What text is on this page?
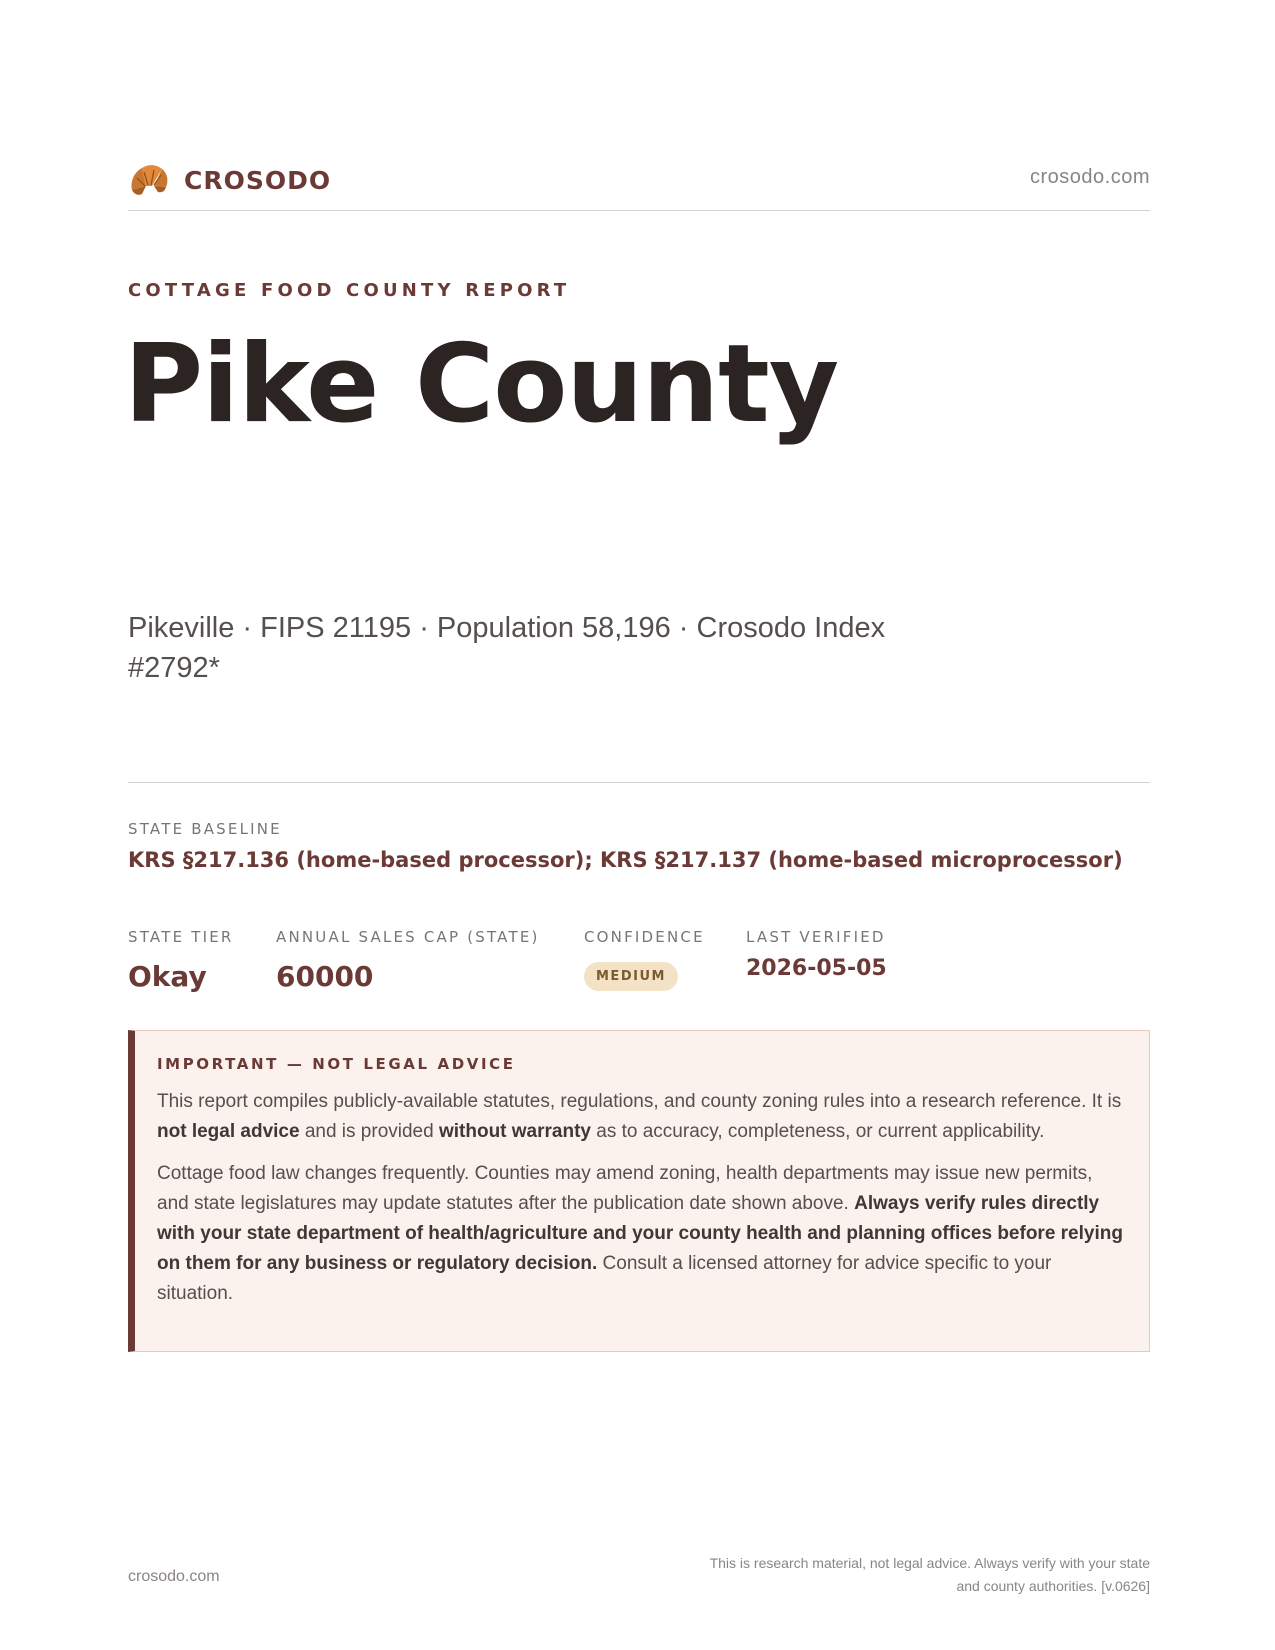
CROSODO	crosodo.com
COTTAGE FOOD COUNTY REPORT
Pike County
Pikeville · FIPS 21195 · Population 58,196 · Crosodo Index #2792*
STATE BASELINE
KRS §217.136 (home-based processor); KRS §217.137 (home-based microprocessor)
STATE TIER
Okay
ANNUAL SALES CAP (STATE)
60000
CONFIDENCE
MEDIUM
LAST VERIFIED
2026-05-05
IMPORTANT — NOT LEGAL ADVICE

This report compiles publicly-available statutes, regulations, and county zoning rules into a research reference. It is not legal advice and is provided without warranty as to accuracy, completeness, or current applicability.

Cottage food law changes frequently. Counties may amend zoning, health departments may issue new permits, and state legislatures may update statutes after the publication date shown above. Always verify rules directly with your state department of health/agriculture and your county health and planning offices before relying on them for any business or regulatory decision. Consult a licensed attorney for advice specific to your situation.

crosodo.com
This is research material, not legal advice. Always verify with your state
and county authorities. [v.0626]
